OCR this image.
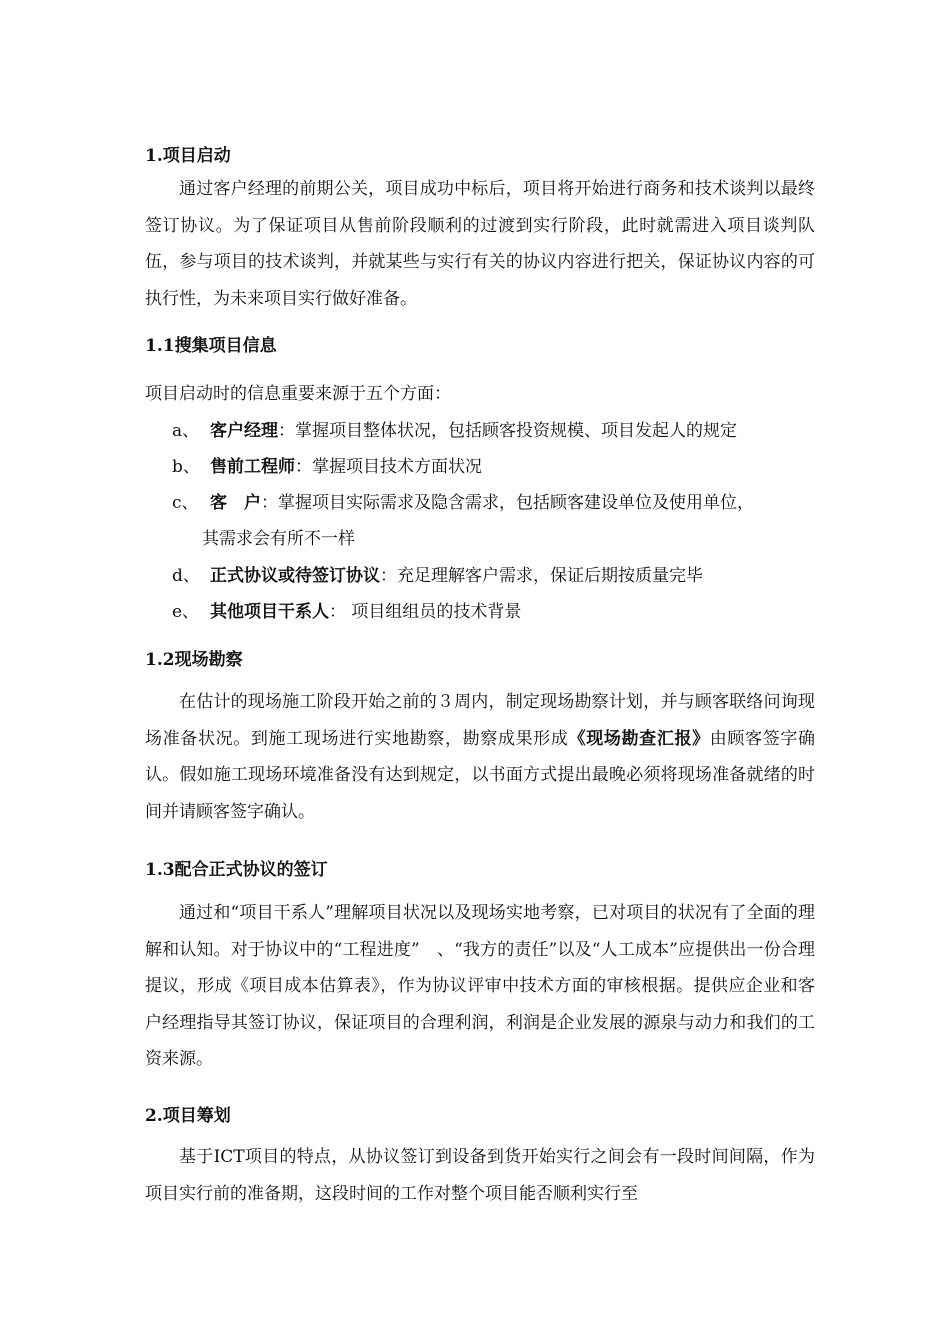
1.项目启动
通过客户经理的前期公关，项目成功中标后，项目将开始进行商务和技术谈判以最终签订协议。为了保证项目从售前阶段顺利的过渡到实行阶段，此时就需进入项目谈判队伍，参与项目的技术谈判，并就某些与实行有关的协议内容进行把关，保证协议内容的可执行性，为未来项目实行做好准备。
1.1搜集项目信息
项目启动时的信息重要来源于五个方面：
a、 客户经理：掌握项目整体状况，包括顾客投资规模、项目发起人的规定
b、 售前工程师：掌握项目技术方面状况
c、 客　户：掌握项目实际需求及隐含需求，包括顾客建设单位及使用单位，
其需求会有所不一样
d、 正式协议或待签订协议：充足理解客户需求，保证后期按质量完毕
e、 其他项目干系人： 项目组组员的技术背景
1.2现场勘察
在估计的现场施工阶段开始之前的３周内，制定现场勘察计划，并与顾客联络问询现场准备状况。到施工现场进行实地勘察，勘察成果形成《现场勘查汇报》由顾客签字确认。假如施工现场环境准备没有达到规定，以书面方式提出最晚必须将现场准备就绪的时间并请顾客签字确认。
1.3配合正式协议的签订
通过和“项目干系人”理解项目状况以及现场实地考察，已对项目的状况有了全面的理解和认知。对于协议中的“工程进度”　、“我方的责任”以及“人工成本”应提供出一份合理提议，形成《项目成本估算表》，作为协议评审中技术方面的审核根据。提供应企业和客户经理指导其签订协议，保证项目的合理利润，利润是企业发展的源泉与动力和我们的工资来源。
2.项目筹划
基于ICT项目的特点，从协议签订到设备到货开始实行之间会有一段时间间隔，作为项目实行前的准备期，这段时间的工作对整个项目能否顺利实行至
